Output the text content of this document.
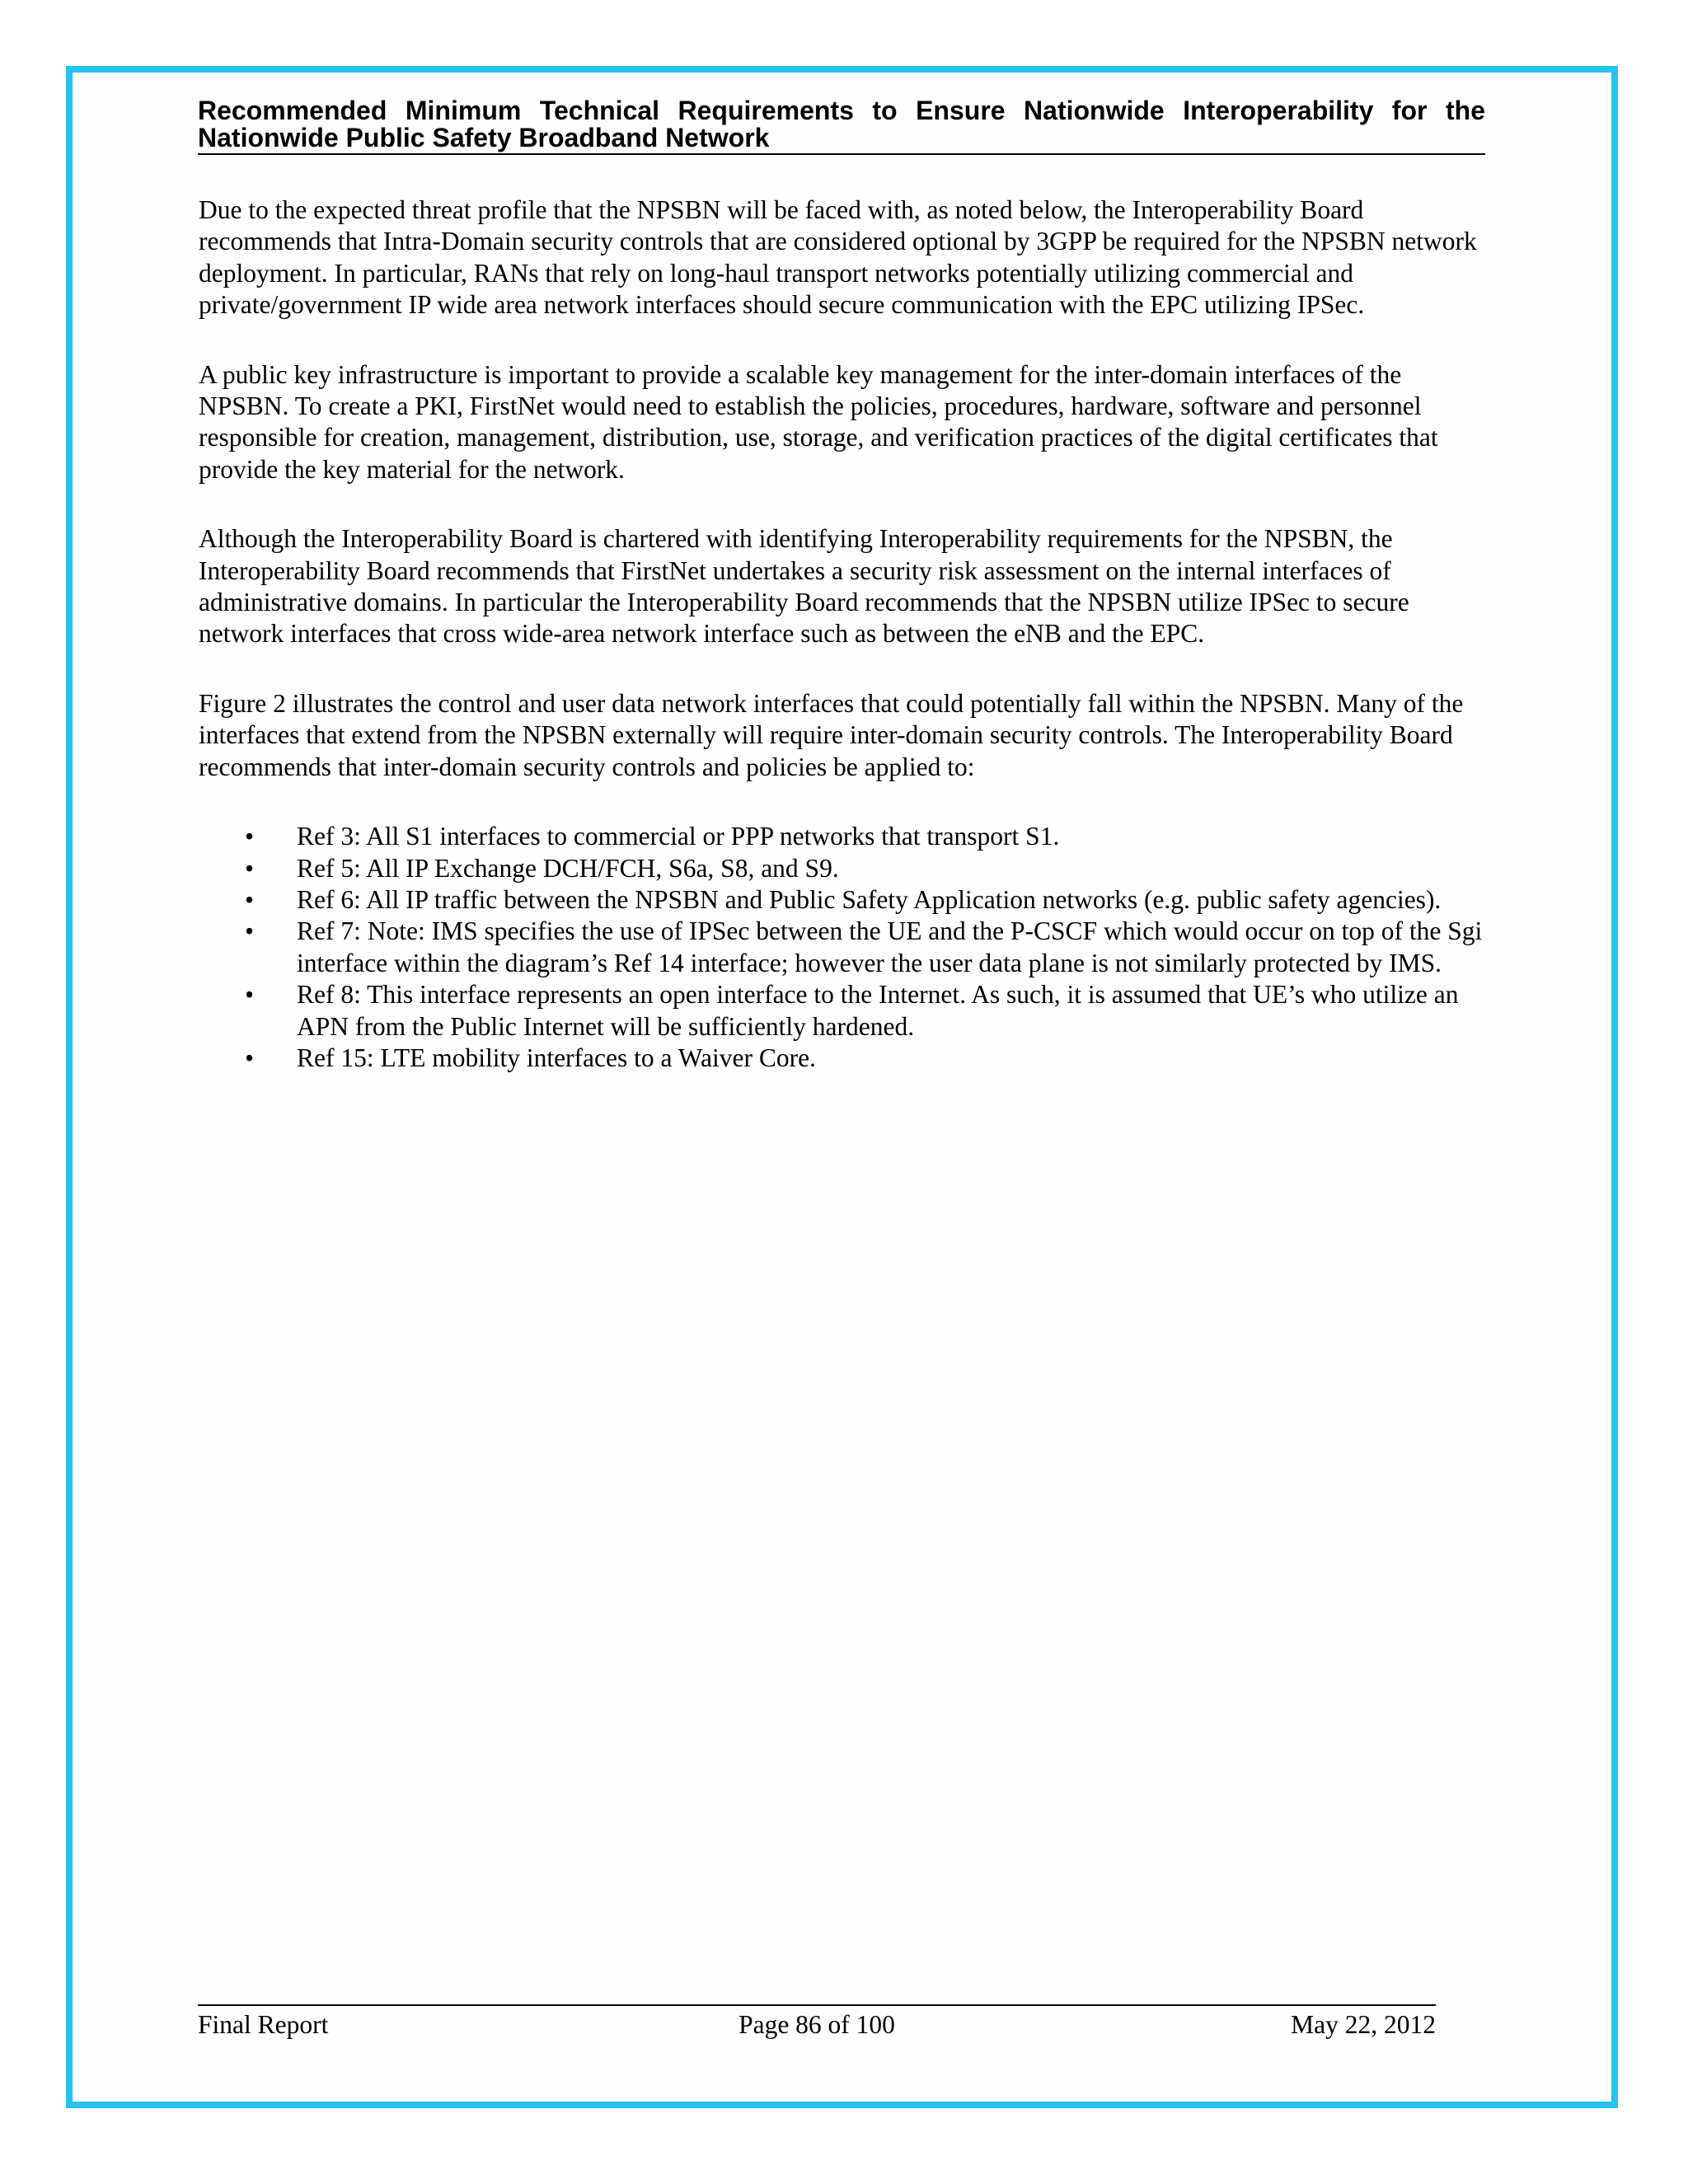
Recommended Minimum Technical Requirements to Ensure Nationwide Interoperability for the Nationwide Public Safety Broadband Network

Due to the expected threat profile that the NPSBN will be faced with, as noted below, the Interoperability Board recommends that Intra-Domain security controls that are considered optional by 3GPP be required for the NPSBN network deployment. In particular, RANs that rely on long-haul transport networks potentially utilizing commercial and private/government IP wide area network interfaces should secure communication with the EPC utilizing IPSec.

A public key infrastructure is important to provide a scalable key management for the inter-domain interfaces of the NPSBN. To create a PKI, FirstNet would need to establish the policies, procedures, hardware, software and personnel responsible for creation, management, distribution, use, storage, and verification practices of the digital certificates that provide the key material for the network.

Although the Interoperability Board is chartered with identifying Interoperability requirements for the NPSBN, the Interoperability Board recommends that FirstNet undertakes a security risk assessment on the internal interfaces of administrative domains. In particular the Interoperability Board recommends that the NPSBN utilize IPSec to secure network interfaces that cross wide-area network interface such as between the eNB and the EPC.

Figure 2 illustrates the control and user data network interfaces that could potentially fall within the NPSBN. Many of the interfaces that extend from the NPSBN externally will require inter-domain security controls. The Interoperability Board recommends that inter-domain security controls and policies be applied to:

• Ref 3: All S1 interfaces to commercial or PPP networks that transport S1.
• Ref 5: All IP Exchange DCH/FCH, S6a, S8, and S9.
• Ref 6: All IP traffic between the NPSBN and Public Safety Application networks (e.g. public safety agencies).
• Ref 7: Note: IMS specifies the use of IPSec between the UE and the P-CSCF which would occur on top of the Sgi interface within the diagram’s Ref 14 interface; however the user data plane is not similarly protected by IMS.
• Ref 8: This interface represents an open interface to the Internet. As such, it is assumed that UE’s who utilize an APN from the Public Internet will be sufficiently hardened.
• Ref 15: LTE mobility interfaces to a Waiver Core.
Final Report	Page 86 of 100	May 22, 2012
